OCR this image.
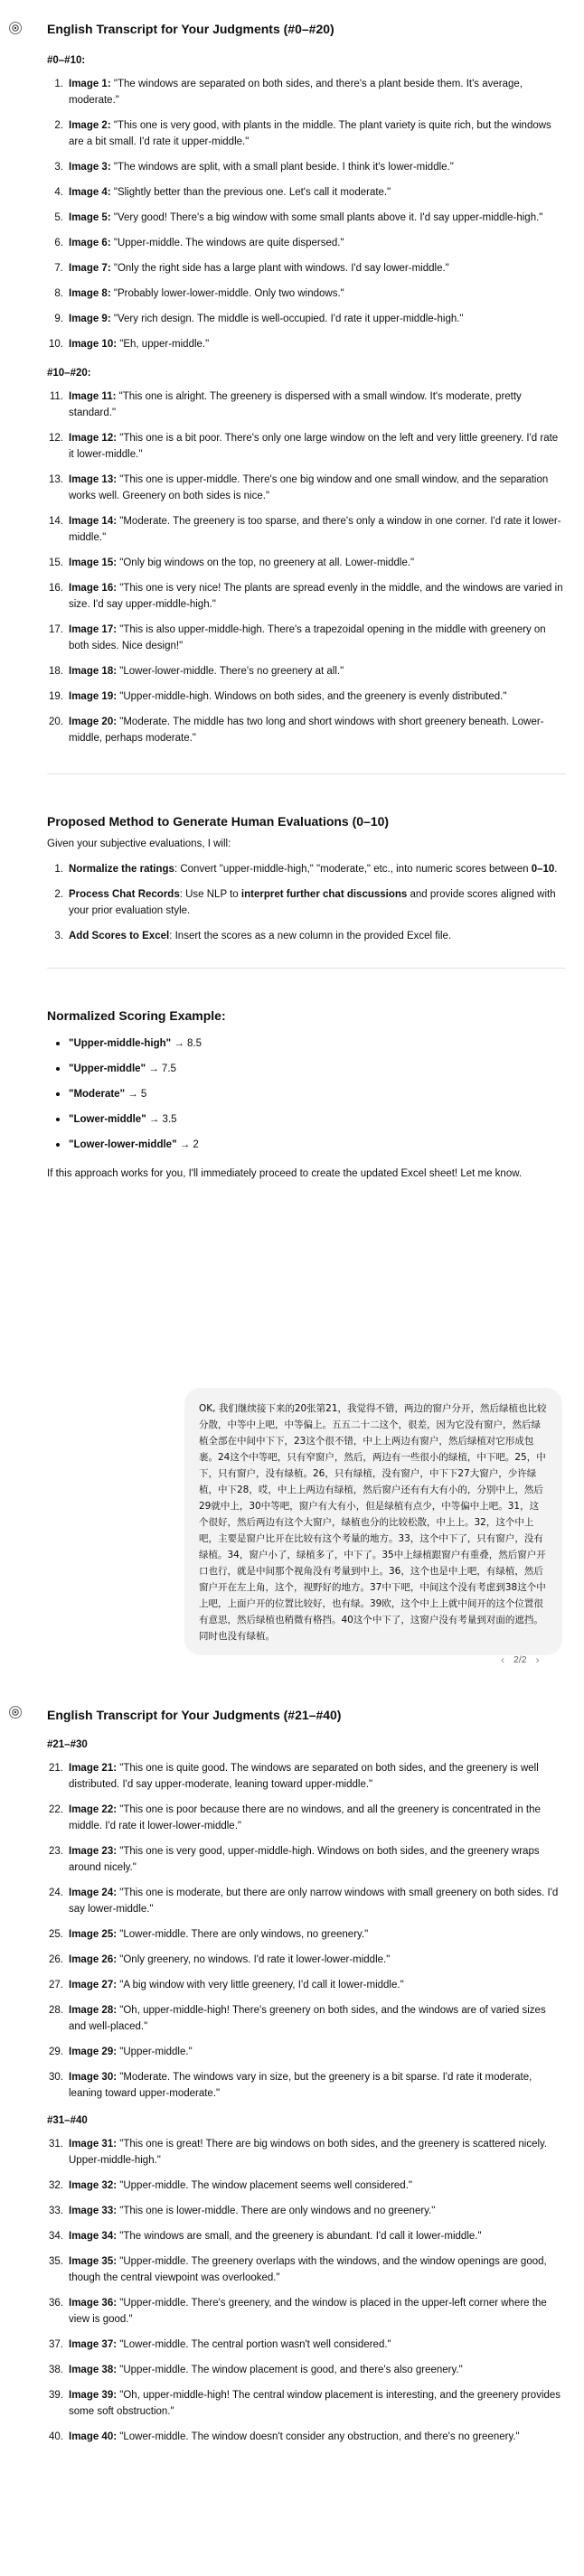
English Transcript for Your Judgments (#0–#20)
#0–#10:
1. Image 1: "The windows are separated on both sides, and there's a plant beside them. It's average, moderate."
2. Image 2: "This one is very good, with plants in the middle. The plant variety is quite rich, but the windows are a bit small. I'd rate it upper-middle."
3. Image 3: "The windows are split, with a small plant beside. I think it's lower-middle."
4. Image 4: "Slightly better than the previous one. Let's call it moderate."
5. Image 5: "Very good! There's a big window with some small plants above it. I'd say upper-middle-high."
6. Image 6: "Upper-middle. The windows are quite dispersed."
7. Image 7: "Only the right side has a large plant with windows. I'd say lower-middle."
8. Image 8: "Probably lower-lower-middle. Only two windows."
9. Image 9: "Very rich design. The middle is well-occupied. I'd rate it upper-middle-high."
10. Image 10: "Eh, upper-middle."
#10–#20:
11. Image 11: "This one is alright. The greenery is dispersed with a small window. It's moderate, pretty standard."
12. Image 12: "This one is a bit poor. There's only one large window on the left and very little greenery. I'd rate it lower-middle."
13. Image 13: "This one is upper-middle. There's one big window and one small window, and the separation works well. Greenery on both sides is nice."
14. Image 14: "Moderate. The greenery is too sparse, and there's only a window in one corner. I'd rate it lower-middle."
15. Image 15: "Only big windows on the top, no greenery at all. Lower-middle."
16. Image 16: "This one is very nice! The plants are spread evenly in the middle, and the windows are varied in size. I'd say upper-middle-high."
17. Image 17: "This is also upper-middle-high. There's a trapezoidal opening in the middle with greenery on both sides. Nice design!"
18. Image 18: "Lower-lower-middle. There's no greenery at all."
19. Image 19: "Upper-middle-high. Windows on both sides, and the greenery is evenly distributed."
20. Image 20: "Moderate. The middle has two long and short windows with short greenery beneath. Lower-middle, perhaps moderate."
Proposed Method to Generate Human Evaluations (0–10)

Given your subjective evaluations, I will:

1. Normalize the ratings: Convert "upper-middle-high," "moderate," etc., into numeric scores between 0–10.
2. Process Chat Records: Use NLP to interpret further chat discussions and provide scores aligned with your prior evaluation style.
3. Add Scores to Excel: Insert the scores as a new column in the provided Excel file.
Normalized Scoring Example:
"Upper-middle-high" → 8.5
"Upper-middle" → 7.5
"Moderate" → 5
"Lower-middle" → 3.5
"Lower-lower-middle" → 2

If this approach works for you, I'll immediately proceed to create the updated Excel sheet! Let me know.

OK, 我们继续接下来的20张第21，我觉得不错，两边的窗户分开，然后绿植也比较分散，中等中上吧，中等偏上。五五二十二这个，很差，因为它没有窗户，然后绿植全部在中间中下下，23这个很不错，中上上两边有窗户，然后绿植对它形成包裹。24这个中等吧，只有窄窗户，然后，两边有一些很小的绿植，中下吧。25，中下，只有窗户，没有绿植。26，只有绿植，没有窗户，中下下27大窗户，少许绿植，中下28，哎，中上上两边有绿植，然后窗户还有有大有小的，分别中上，然后29就中上，30中等吧，窗户有大有小，但是绿植有点少，中等偏中上吧。31，这个很好，然后两边有这个大窗户，绿植也分的比较松散，中上上。32，这个中上吧，主要是窗户比开在比较有这个考量的地方。33，这个中下了，只有窗户，没有绿植。34，窗户小了，绿植多了，中下了。35中上绿植跟窗户有重叠，然后窗户开口也行，就是中间那个视角没有考量到中上。36，这个也是中上吧，有绿植，然后窗户开在左上角，这个，视野好的地方。37中下吧，中间这个没有考虑到38这个中上吧，上面户开的位置比较好，也有绿。39欧，这个中上上就中间开的这个位置很有意思，然后绿植也稍微有格挡。40这个中下了，这窗户没有考量到对面的遮挡。同时也没有绿植。
‹ 2/2 ›
English Transcript for Your Judgments (#21–#40)
#21–#30
21. Image 21: "This one is quite good. The windows are separated on both sides, and the greenery is well distributed. I'd say upper-moderate, leaning toward upper-middle."
22. Image 22: "This one is poor because there are no windows, and all the greenery is concentrated in the middle. I'd rate it lower-lower-middle."
23. Image 23: "This one is very good, upper-middle-high. Windows on both sides, and the greenery wraps around nicely."
24. Image 24: "This one is moderate, but there are only narrow windows with small greenery on both sides. I'd say lower-middle."
25. Image 25: "Lower-middle. There are only windows, no greenery."
26. Image 26: "Only greenery, no windows. I'd rate it lower-lower-middle."
27. Image 27: "A big window with very little greenery, I'd call it lower-middle."
28. Image 28: "Oh, upper-middle-high! There's greenery on both sides, and the windows are of varied sizes and well-placed."
29. Image 29: "Upper-middle."
30. Image 30: "Moderate. The windows vary in size, but the greenery is a bit sparse. I'd rate it moderate, leaning toward upper-moderate."
#31–#40
31. Image 31: "This one is great! There are big windows on both sides, and the greenery is scattered nicely. Upper-middle-high."
32. Image 32: "Upper-middle. The window placement seems well considered."
33. Image 33: "This one is lower-middle. There are only windows and no greenery."
34. Image 34: "The windows are small, and the greenery is abundant. I'd call it lower-middle."
35. Image 35: "Upper-middle. The greenery overlaps with the windows, and the window openings are good, though the central viewpoint was overlooked."
36. Image 36: "Upper-middle. There's greenery, and the window is placed in the upper-left corner where the view is good."
37. Image 37: "Lower-middle. The central portion wasn't well considered."
38. Image 38: "Upper-middle. The window placement is good, and there's also greenery."
39. Image 39: "Oh, upper-middle-high! The central window placement is interesting, and the greenery provides some soft obstruction."
40. Image 40: "Lower-middle. The window doesn't consider any obstruction, and there's no greenery."
